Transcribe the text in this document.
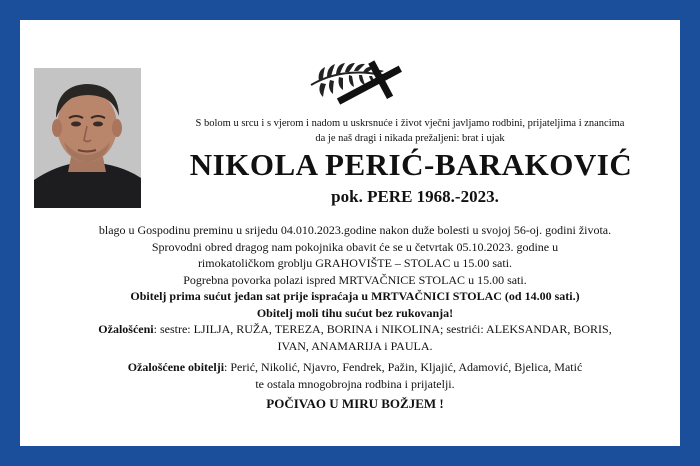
S bolom u srcu i s vjerom i nadom u uskrsnuće i život vječni javljamo rodbini, prijateljima i znancima
da je naš dragi i nikada prežaljeni: brat i ujak
NIKOLA PERIĆ-BARAKOVIĆ
pok. PERE 1968.-2023.

blago u Gospodinu preminu u srijedu 04.010.2023.godine nakon duže bolesti u svojoj 56-oj. godini života.

Sprovodni obred dragog nam pokojnika obavit će se u četvrtak 05.10.2023. godine u

rimokatoličkom groblju GRAHOVIŠTE – STOLAC u 15.00 sati.

Pogrebna povorka polazi ispred MRTVAČNICE STOLAC u 15.00 sati.

Obitelj prima sućut jedan sat prije ispraćaja u MRTVAČNICI STOLAC (od 14.00 sati.)

Obitelj moli tihu sućut bez rukovanja!

Ožalošćeni: sestre: LJILJA, RUŽA, TEREZA, BORINA i NIKOLINA; sestrići: ALEKSANDAR, BORIS,

IVAN, ANAMARIJA i PAULA.

Ožalošćene obitelji: Perić, Nikolić, Njavro, Fendrek, Pažin, Kljajić, Adamović, Bjelica, Matić

te ostala mnogobrojna rodbina i prijatelji.

POČIVAO U MIRU BOŽJEM !
